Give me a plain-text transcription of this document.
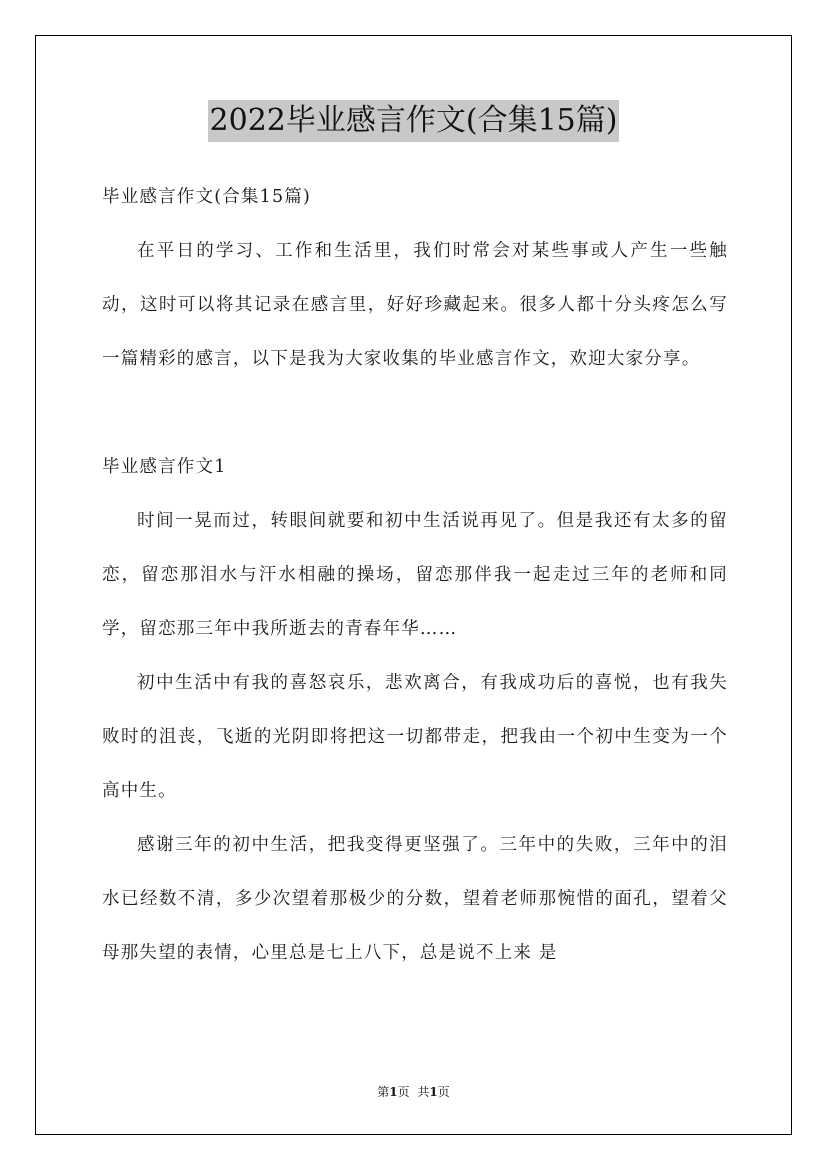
2022毕业感言作文(合集15篇)

毕业感言作文(合集15篇)

在平日的学习、工作和生活里，我们时常会对某些事或人产生一些触动，这时可以将其记录在感言里，好好珍藏起来。很多人都十分头疼怎么写一篇精彩的感言，以下是我为大家收集的毕业感言作文，欢迎大家分享。

毕业感言作文1

时间一晃而过，转眼间就要和初中生活说再见了。但是我还有太多的留恋，留恋那泪水与汗水相融的操场，留恋那伴我一起走过三年的老师和同学，留恋那三年中我所逝去的青春年华……

初中生活中有我的喜怒哀乐，悲欢离合，有我成功后的喜悦，也有我失败时的沮丧，飞逝的光阴即将把这一切都带走，把我由一个初中生变为一个高中生。

感谢三年的初中生活，把我变得更坚强了。三年中的失败，三年中的泪水已经数不清，多少次望着那极少的分数，望着老师那惋惜的面孔，望着父母那失望的表情，心里总是七上八下，总是说不上来 是

第1页 共1页
